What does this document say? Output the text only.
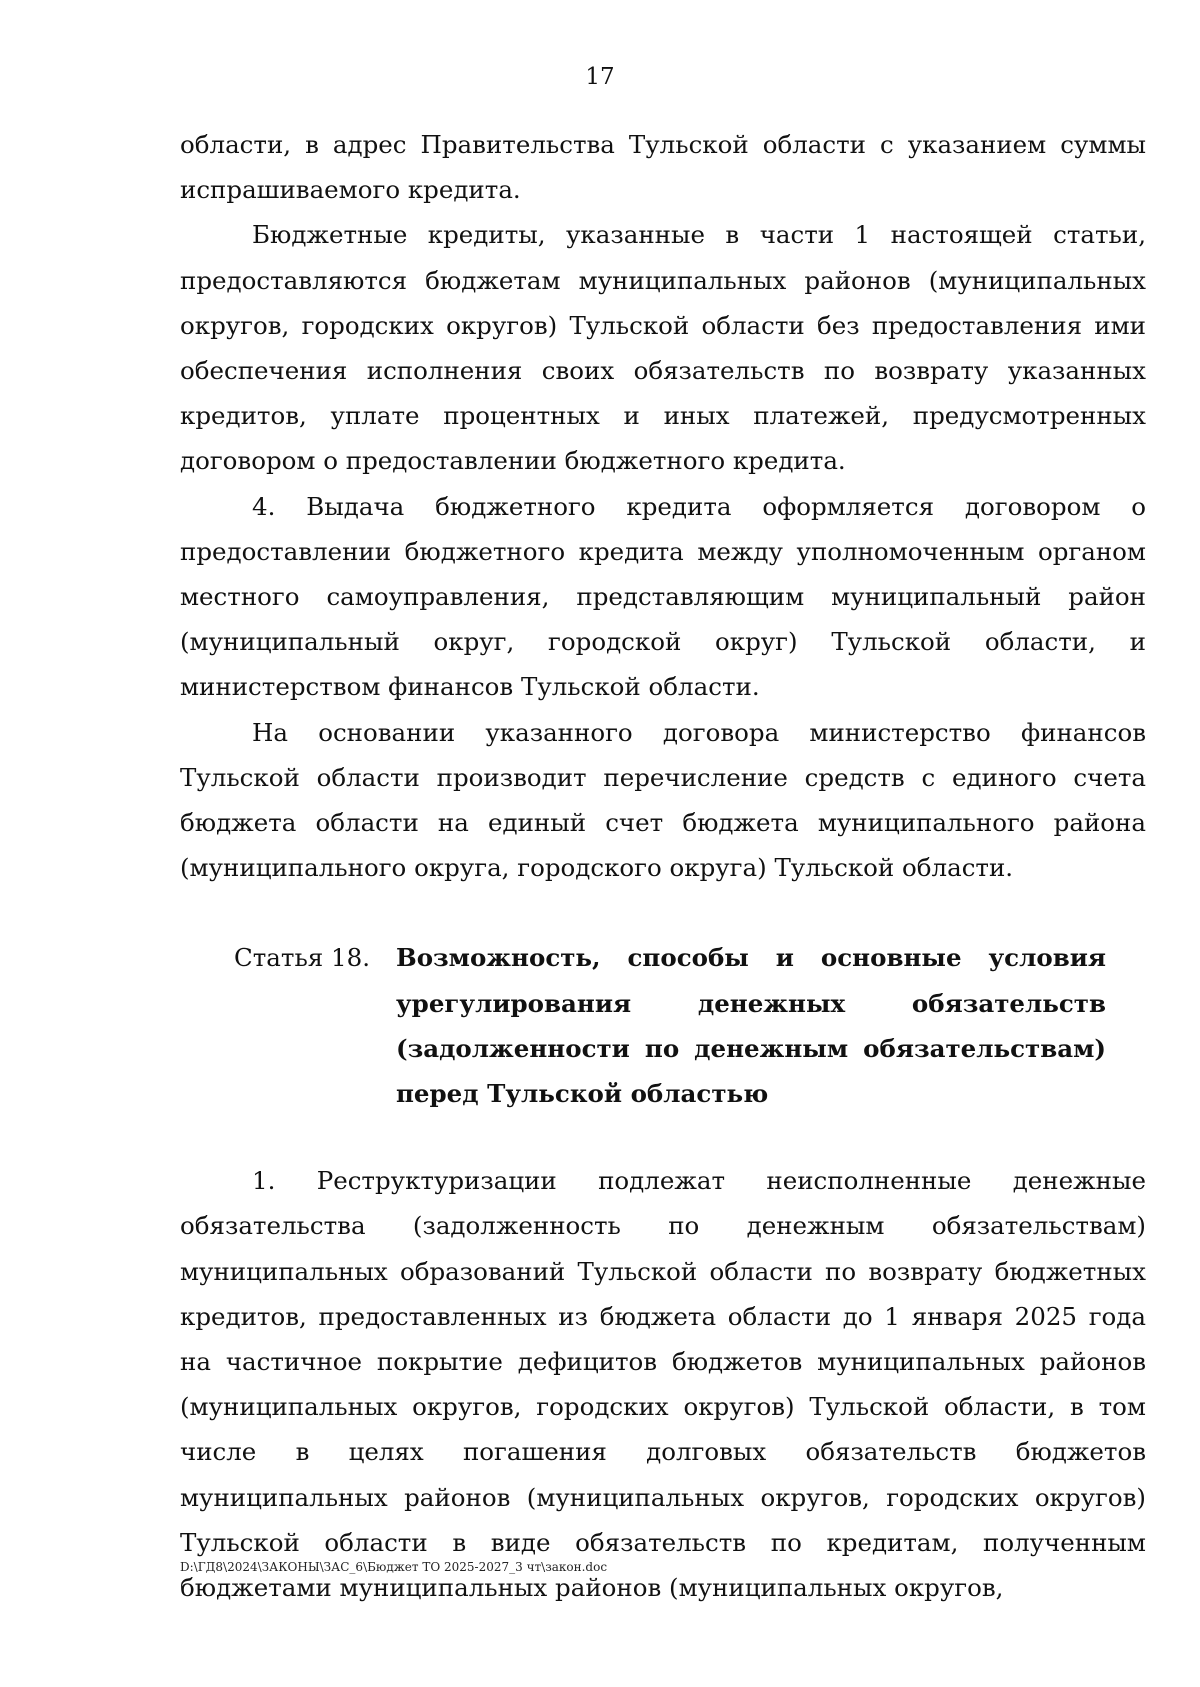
17

области, в адрес Правительства Тульской области с указанием суммы испрашиваемого кредита.

Бюджетные кредиты, указанные в части 1 настоящей статьи, предоставляются бюджетам муниципальных районов (муниципальных округов, городских округов) Тульской области без предоставления ими обеспечения исполнения своих обязательств по возврату указанных кредитов, уплате процентных и иных платежей, предусмотренных договором о предоставлении бюджетного кредита.

4. Выдача бюджетного кредита оформляется договором о предоставлении бюджетного кредита между уполномоченным органом местного самоуправления, представляющим муниципальный район (муниципальный округ, городской округ) Тульской области, и министерством финансов Тульской области.

На основании указанного договора министерство финансов Тульской области производит перечисление средств с единого счета бюджета области на единый счет бюджета муниципального района (муниципального округа, городского округа) Тульской области.

Статья 18.	Возможность, способы и основные условия урегулирования денежных обязательств (задолженности по денежным обязательствам) перед Тульской областью

1. Реструктуризации подлежат неисполненные денежные обязательства (задолженность по денежным обязательствам) муниципальных образований Тульской области по возврату бюджетных кредитов, предоставленных из бюджета области до 1 января 2025 года на частичное покрытие дефицитов бюджетов муниципальных районов (муниципальных округов, городских округов) Тульской области, в том числе в целях погашения долговых обязательств бюджетов муниципальных районов (муниципальных округов, городских округов) Тульской области в виде обязательств по кредитам, полученным бюджетами муниципальных районов (муниципальных округов,

D:\ГД8\2024\ЗАКОНЫ\ЗАС_6\Бюджет ТО 2025-2027_3 чт\закон.doc
